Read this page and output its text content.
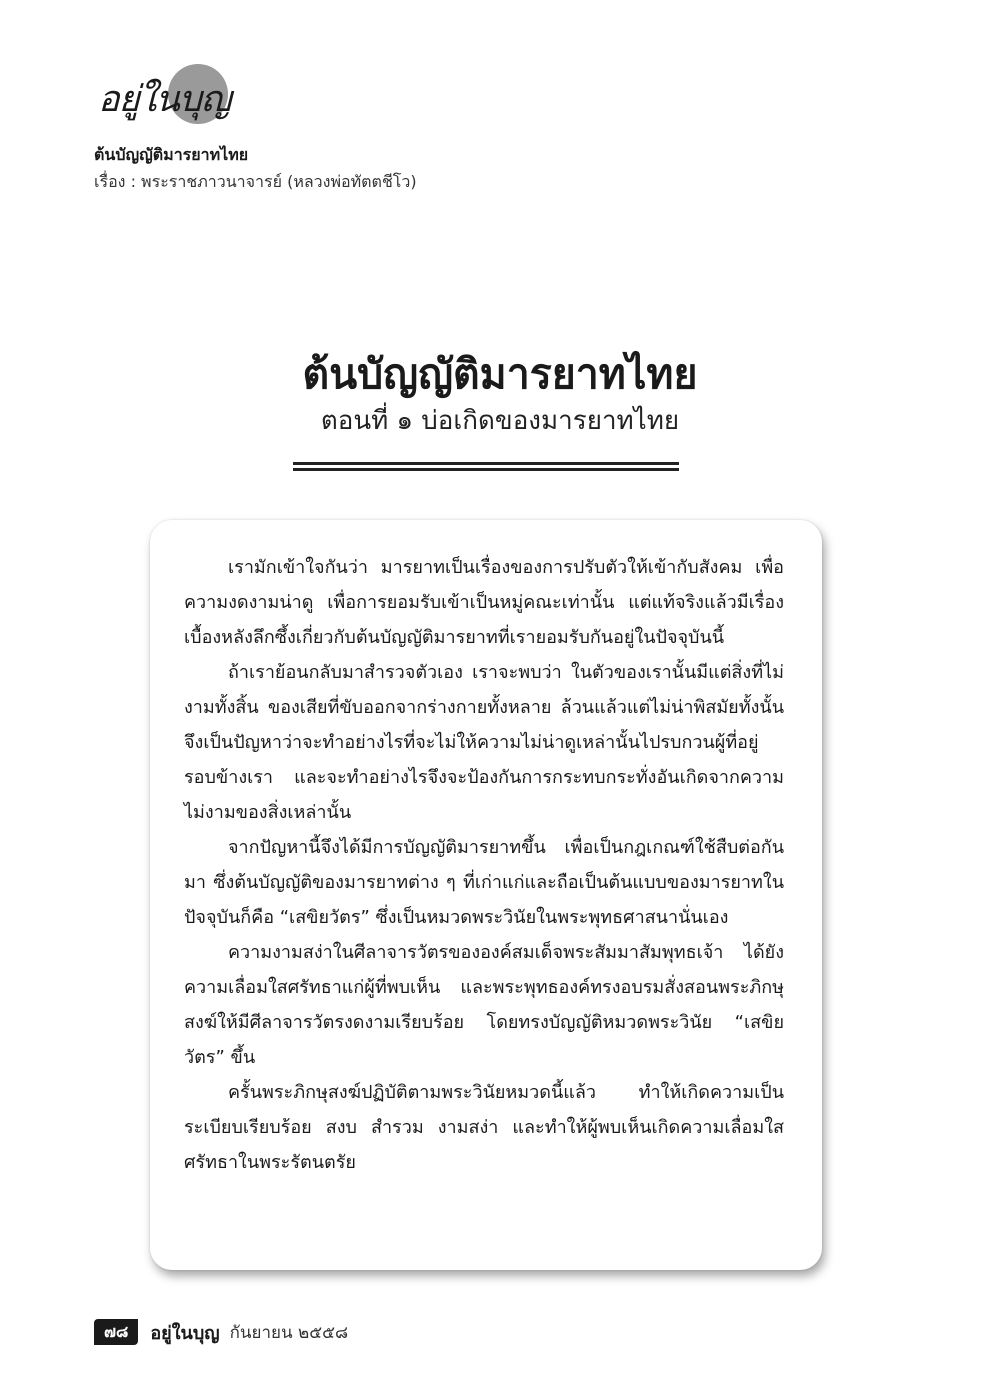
อยู่ในบุญ
ต้นบัญญัติมารยาทไทย
เรื่อง : พระราชภาวนาจารย์ (หลวงพ่อทัตตชีโว)
ต้นบัญญัติมารยาทไทย
ตอนที่ ๑ บ่อเกิดของมารยาทไทย

เรามักเข้าใจกันว่า มารยาทเป็นเรื่องของการปรับตัวให้เข้ากับสังคม เพื่อความงดงามน่าดู เพื่อการยอมรับเข้าเป็นหมู่คณะเท่านั้น แต่แท้จริงแล้วมีเรื่องเบื้องหลังลึกซึ้งเกี่ยวกับต้นบัญญัติมารยาทที่เรายอมรับกันอยู่ในปัจจุบันนี้

ถ้าเราย้อนกลับมาสำรวจตัวเอง เราจะพบว่า ในตัวของเรานั้นมีแต่สิ่งที่ไม่งามทั้งสิ้น ของเสียที่ขับออกจากร่างกายทั้งหลาย ล้วนแล้วแต่ไม่น่าพิสมัยทั้งนั้น จึงเป็นปัญหาว่าจะทำอย่างไรที่จะไม่ให้ความไม่น่าดูเหล่านั้นไปรบกวนผู้ที่อยู่รอบข้างเรา และจะทำอย่างไรจึงจะป้องกันการกระทบกระทั่งอันเกิดจากความไม่งามของสิ่งเหล่านั้น

จากปัญหานี้จึงได้มีการบัญญัติมารยาทขึ้น เพื่อเป็นกฎเกณฑ์ใช้สืบต่อกันมา ซึ่งต้นบัญญัติของมารยาทต่าง ๆ ที่เก่าแก่และถือเป็นต้นแบบของมารยาทในปัจจุบันก็คือ “เสขิยวัตร” ซึ่งเป็นหมวดพระวินัยในพระพุทธศาสนานั่นเอง

ความงามสง่าในศีลาจารวัตรขององค์สมเด็จพระสัมมาสัมพุทธเจ้า ได้ยังความเลื่อมใสศรัทธาแก่ผู้ที่พบเห็น และพระพุทธองค์ทรงอบรมสั่งสอนพระภิกษุสงฆ์ให้มีศีลาจารวัตรงดงามเรียบร้อย โดยทรงบัญญัติหมวดพระวินัย “เสขิยวัตร” ขึ้น

ครั้นพระภิกษุสงฆ์ปฏิบัติตามพระวินัยหมวดนี้แล้ว ทำให้เกิดความเป็นระเบียบเรียบร้อย สงบ สำรวม งามสง่า และทำให้ผู้พบเห็นเกิดความเลื่อมใสศรัทธาในพระรัตนตรัย

๗๘	อยู่ในบุญ กันยายน ๒๕๕๘
